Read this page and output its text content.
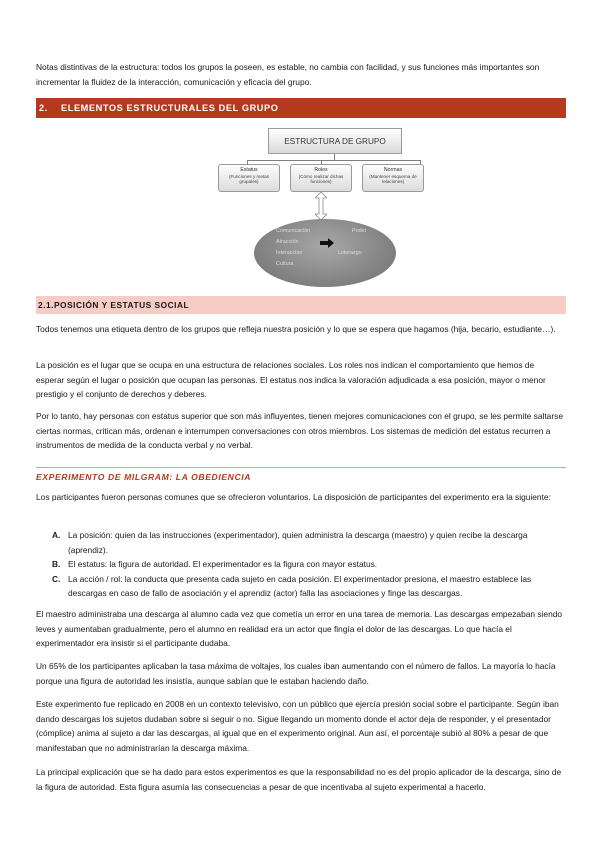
Notas distintivas de la estructura: todos los grupos la poseen, es estable, no cambia con facilidad, y sus funciones más importantes son incrementar la fluidez de la interacción, comunicación y eficacia del grupo.

2. ELEMENTOS ESTRUCTURALES DEL GRUPO
ESTRUCTURA DE GRUPO
Estatus
(Funciones y metas grupales)
Roles
(Cómo realizar dichas funciones)
Normas
(Mantener esquema de relaciones)
Comunicación
Atracción
Interacción
Cultura
Poder
Liderazgo
2.1.POSICIÓN Y ESTATUS SOCIAL

Todos tenemos una etiqueta dentro de los grupos que refleja nuestra posición y lo que se espera que hagamos (hija, becario, estudiante…).

La posición es el lugar que se ocupa en una estructura de relaciones sociales. Los roles nos indican el comportamiento que hemos de esperar según el lugar o posición que ocupan las personas. El estatus nos indica la valoración adjudicada a esa posición, mayor o menor prestigio y el conjunto de derechos y deberes.

Por lo tanto, hay personas con estatus superior que son más influyentes, tienen mejores comunicaciones con el grupo, se les permite saltarse ciertas normas, critican más, ordenan e interrumpen conversaciones con otros miembros. Los sistemas de medición del estatus recurren a instrumentos de medida de la conducta verbal y no verbal.

EXPERIMENTO DE MILGRAM: LA OBEDIENCIA

Los participantes fueron personas comunes que se ofrecieron voluntarios. La disposición de participantes del experimento era la siguiente:

A. La posición: quien da las instrucciones (experimentador), quien administra la descarga (maestro) y quien recibe la descarga (aprendiz).
B. El estatus: la figura de autoridad. El experimentador es la figura con mayor estatus.
C. La acción / rol: la conducta que presenta cada sujeto en cada posición. El experimentador presiona, el maestro establece las descargas en caso de fallo de asociación y el aprendiz (actor) falla las asociaciones y finge las descargas.

El maestro administraba una descarga al alumno cada vez que cometía un error en una tarea de memoria. Las descargas empezaban siendo leves y aumentaban gradualmente, pero el alumno en realidad era un actor que fingía el dolor de las descargas. Lo que hacía el experimentador era insistir si el participante dudaba.

Un 65% de los participantes aplicaban la tasa máxima de voltajes, los cuales iban aumentando con el número de fallos. La mayoría lo hacía porque una figura de autoridad les insistía, aunque sabían que le estaban haciendo daño.

Este experimento fue replicado en 2008 en un contexto televisivo, con un público que ejercía presión social sobre el participante. Según iban dando descargas los sujetos dudaban sobre si seguir o no. Sigue llegando un momento donde el actor deja de responder, y el presentador (cómplice) anima al sujeto a dar las descargas, al igual que en el experimento original. Aun así, el porcentaje subió al 80% a pesar de que manifestaban que no administrarían la descarga máxima.

La principal explicación que se ha dado para estos experimentos es que la responsabilidad no es del propio aplicador de la descarga, sino de la figura de autoridad. Esta figura asumía las consecuencias a pesar de que incentivaba al sujeto experimental a hacerlo.
